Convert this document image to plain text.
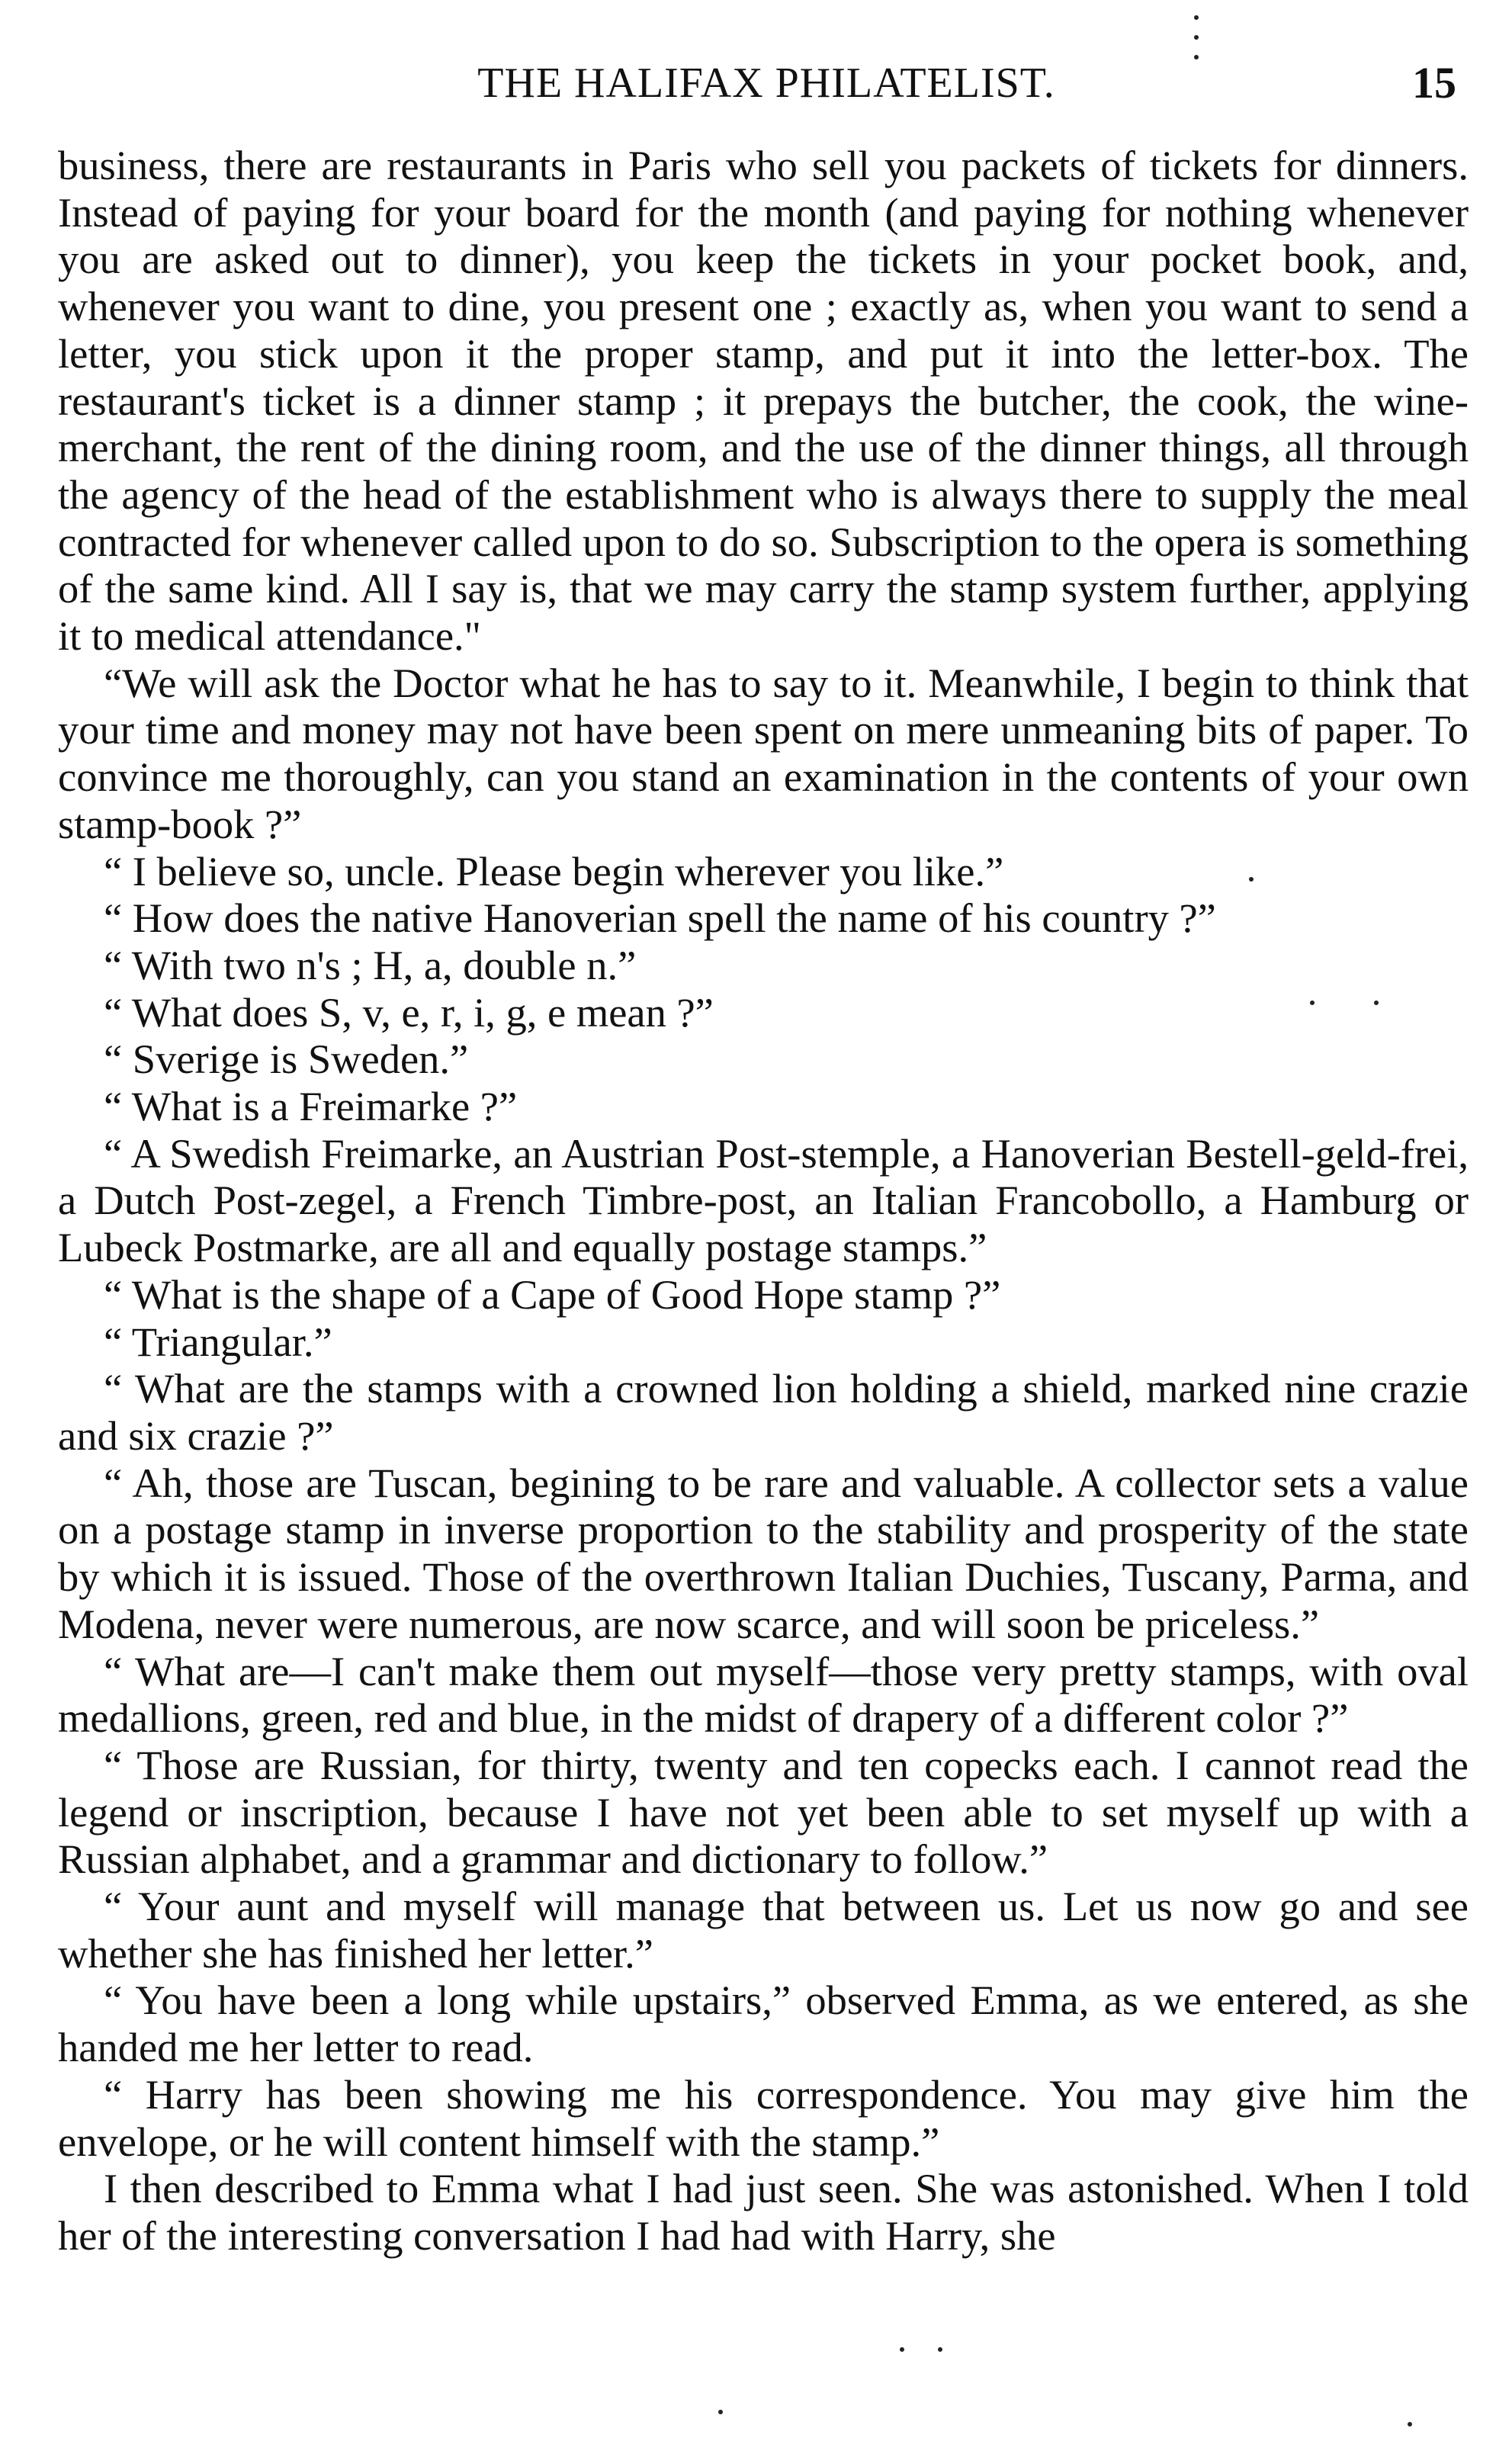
THE HALIFAX PHILATELIST.	15

business, there are restaurants in Paris who sell you packets of tickets for dinners. Instead of paying for your board for the month (and paying for nothing whenever you are asked out to dinner), you keep the tickets in your pocket book, and, whenever you want to dine, you present one ; exactly as, when you want to send a letter, you stick upon it the proper stamp, and put it into the letter-box. The restaurant's ticket is a dinner stamp ; it prepays the butcher, the cook, the wine-merchant, the rent of the dining room, and the use of the dinner things, all through the agency of the head of the establishment who is always there to supply the meal contracted for whenever called upon to do so. Subscription to the opera is something of the same kind. All I say is, that we may carry the stamp system further, applying it to medical attendance."

“We will ask the Doctor what he has to say to it. Meanwhile, I begin to think that your time and money may not have been spent on mere unmeaning bits of paper. To convince me thoroughly, can you stand an examination in the contents of your own stamp-book ?”

“ I believe so, uncle. Please begin wherever you like.”

“ How does the native Hanoverian spell the name of his country ?”

“ With two n's ; H, a, double n.”

“ What does S, v, e, r, i, g, e mean ?”

“ Sverige is Sweden.”

“ What is a Freimarke ?”

“ A Swedish Freimarke, an Austrian Post-stemple, a Hanoverian Bestell-geld-frei, a Dutch Post-zegel, a French Timbre-post, an Italian Francobollo, a Hamburg or Lubeck Postmarke, are all and equally postage stamps.”

“ What is the shape of a Cape of Good Hope stamp ?”

“ Triangular.”

“ What are the stamps with a crowned lion holding a shield, marked nine crazie and six crazie ?”

“ Ah, those are Tuscan, begining to be rare and valuable. A collector sets a value on a postage stamp in inverse proportion to the stability and prosperity of the state by which it is issued. Those of the overthrown Italian Duchies, Tuscany, Parma, and Modena, never were numerous, are now scarce, and will soon be priceless.”

“ What are—I can't make them out myself—those very pretty stamps, with oval medallions, green, red and blue, in the midst of drapery of a different color ?”

“ Those are Russian, for thirty, twenty and ten copecks each. I cannot read the legend or inscription, because I have not yet been able to set myself up with a Russian alphabet, and a grammar and dictionary to follow.”

“ Your aunt and myself will manage that between us. Let us now go and see whether she has finished her letter.”

“ You have been a long while upstairs,” observed Emma, as we entered, as she handed me her letter to read.

“ Harry has been showing me his correspondence. You may give him the envelope, or he will content himself with the stamp.”

I then described to Emma what I had just seen. She was astonished. When I told her of the interesting conversation I had had with Harry, she
